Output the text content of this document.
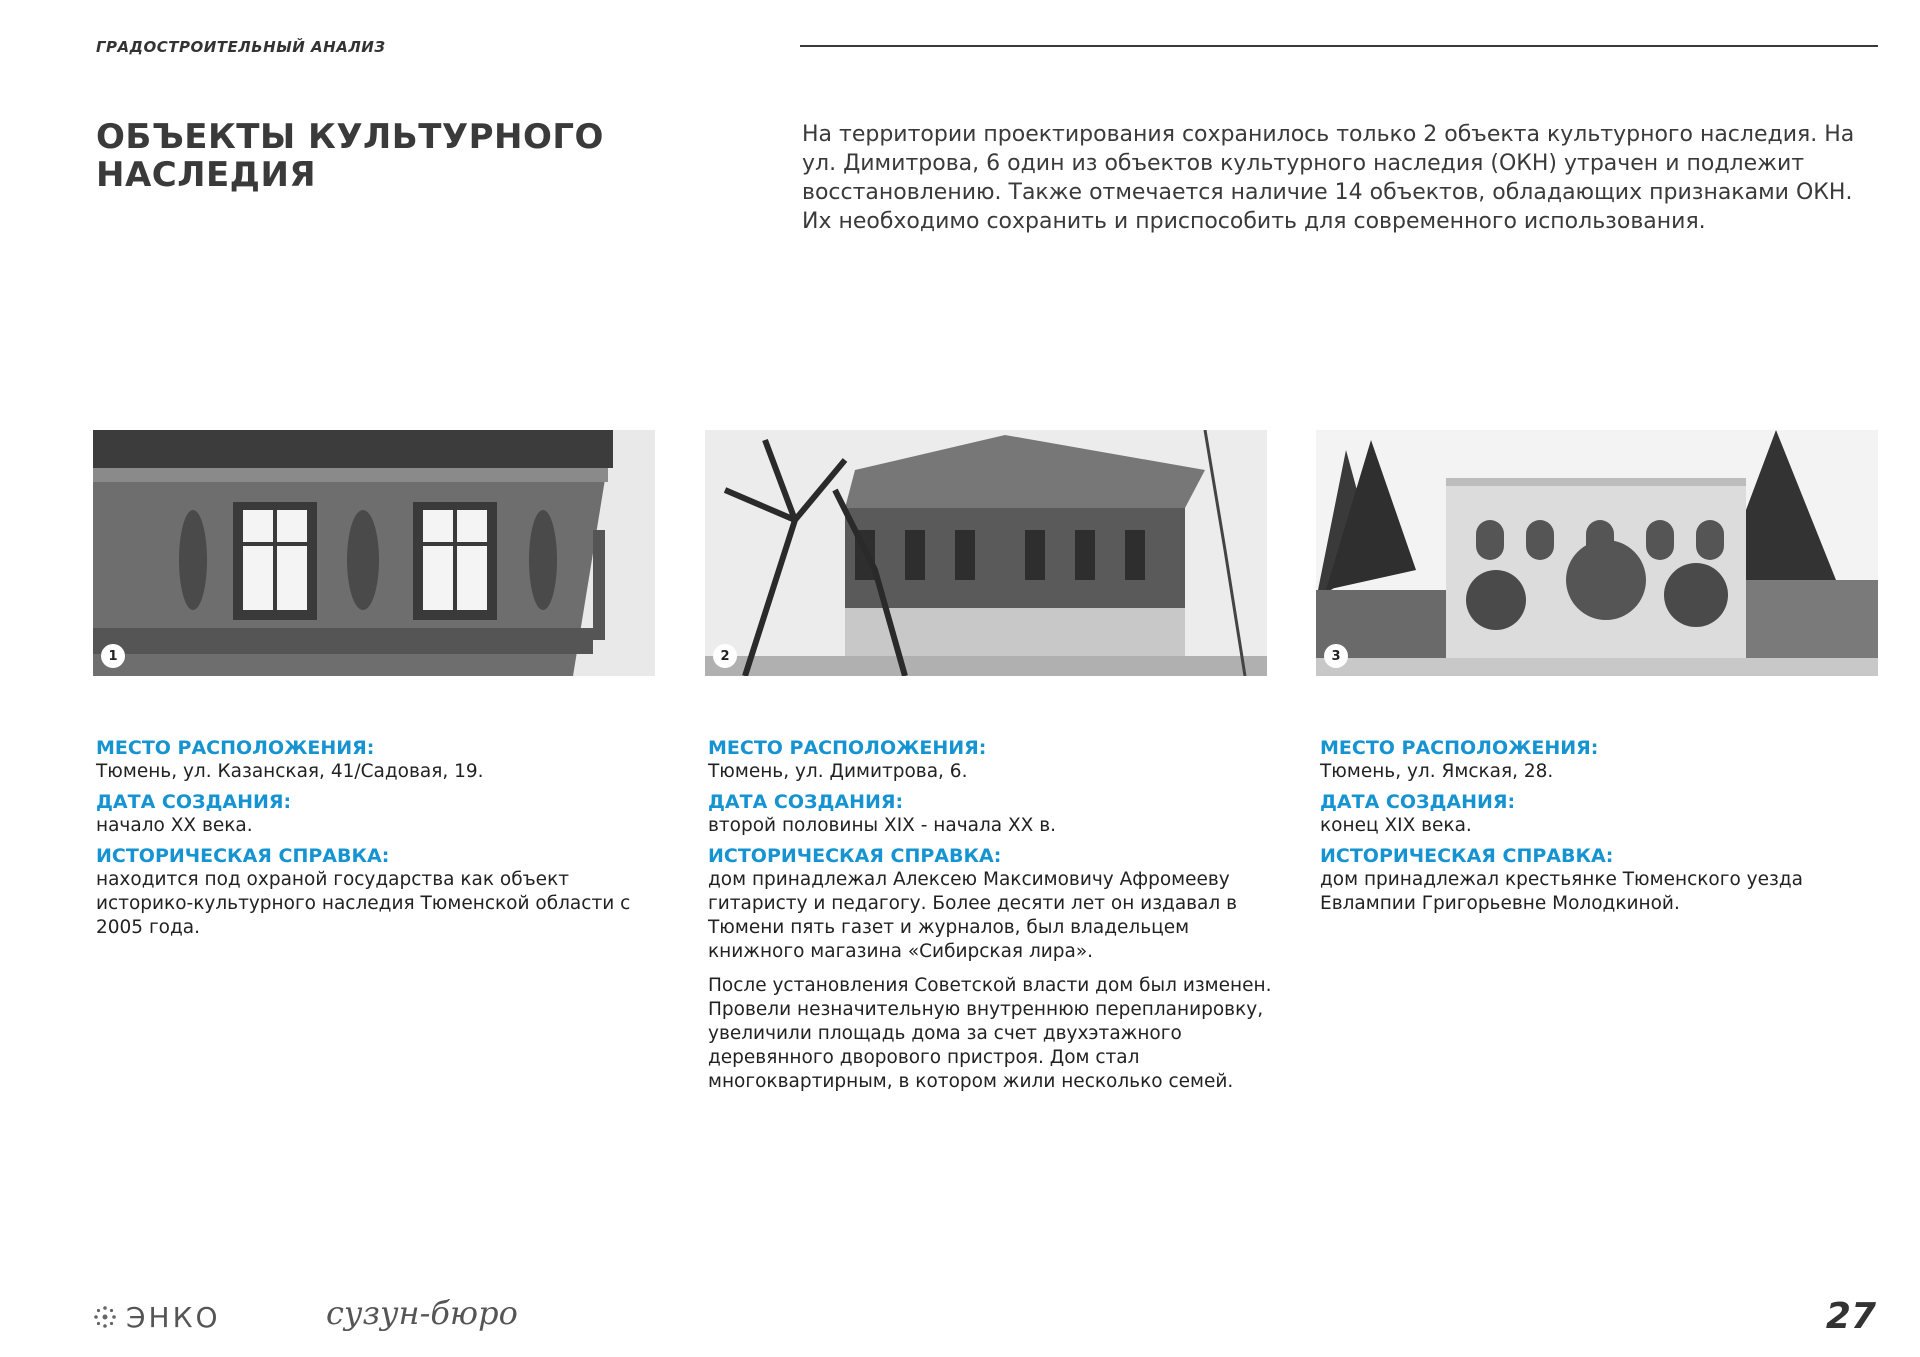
ГРАДОСТРОИТЕЛЬНЫЙ АНАЛИЗ
ОБЪЕКТЫ КУЛЬТУРНОГО
НАСЛЕДИЯ

На территории проектирования сохранилось только 2 объекта культурного наследия. На ул. Димитрова, 6 один из объектов культурного наследия (ОКН) утрачен и подлежит восстановлению. Также отмечается наличие 14 объектов, обладающих признаками ОКН. Их необходимо сохранить и приспособить для современного использования.

1	2	3
МЕСТО РАСПОЛОЖЕНИЯ:
Тюмень, ул. Казанская, 41/Садовая, 19.
ДАТА СОЗДАНИЯ:
начало XX века.
ИСТОРИЧЕСКАЯ СПРАВКА:
находится под охраной государства как объект историко-культурного наследия Тюменской области с 2005 года.
МЕСТО РАСПОЛОЖЕНИЯ:
Тюмень, ул. Димитрова, 6.
ДАТА СОЗДАНИЯ:
второй половины XIX - начала XX в.
ИСТОРИЧЕСКАЯ СПРАВКА:
дом принадлежал Алексею Максимовичу Афромееву гитаристу и педагогу. Более десяти лет он издавал в Тюмени пять газет и журналов, был владельцем книжного магазина «Сибирская лира».
После установления Советской власти дом был изменен. Провели незначительную внутреннюю перепланировку, увеличили площадь дома за счет двухэтажного деревянного дворового пристроя. Дом стал многоквартирным, в котором жили несколько семей.
МЕСТО РАСПОЛОЖЕНИЯ:
Тюмень, ул. Ямская, 28.
ДАТА СОЗДАНИЯ:
конец XIX века.
ИСТОРИЧЕСКАЯ СПРАВКА:
дом принадлежал крестьянке Тюменского уезда Евлампии Григорьевне Молодкиной.
ЭНКО	сузун-бюро	27
